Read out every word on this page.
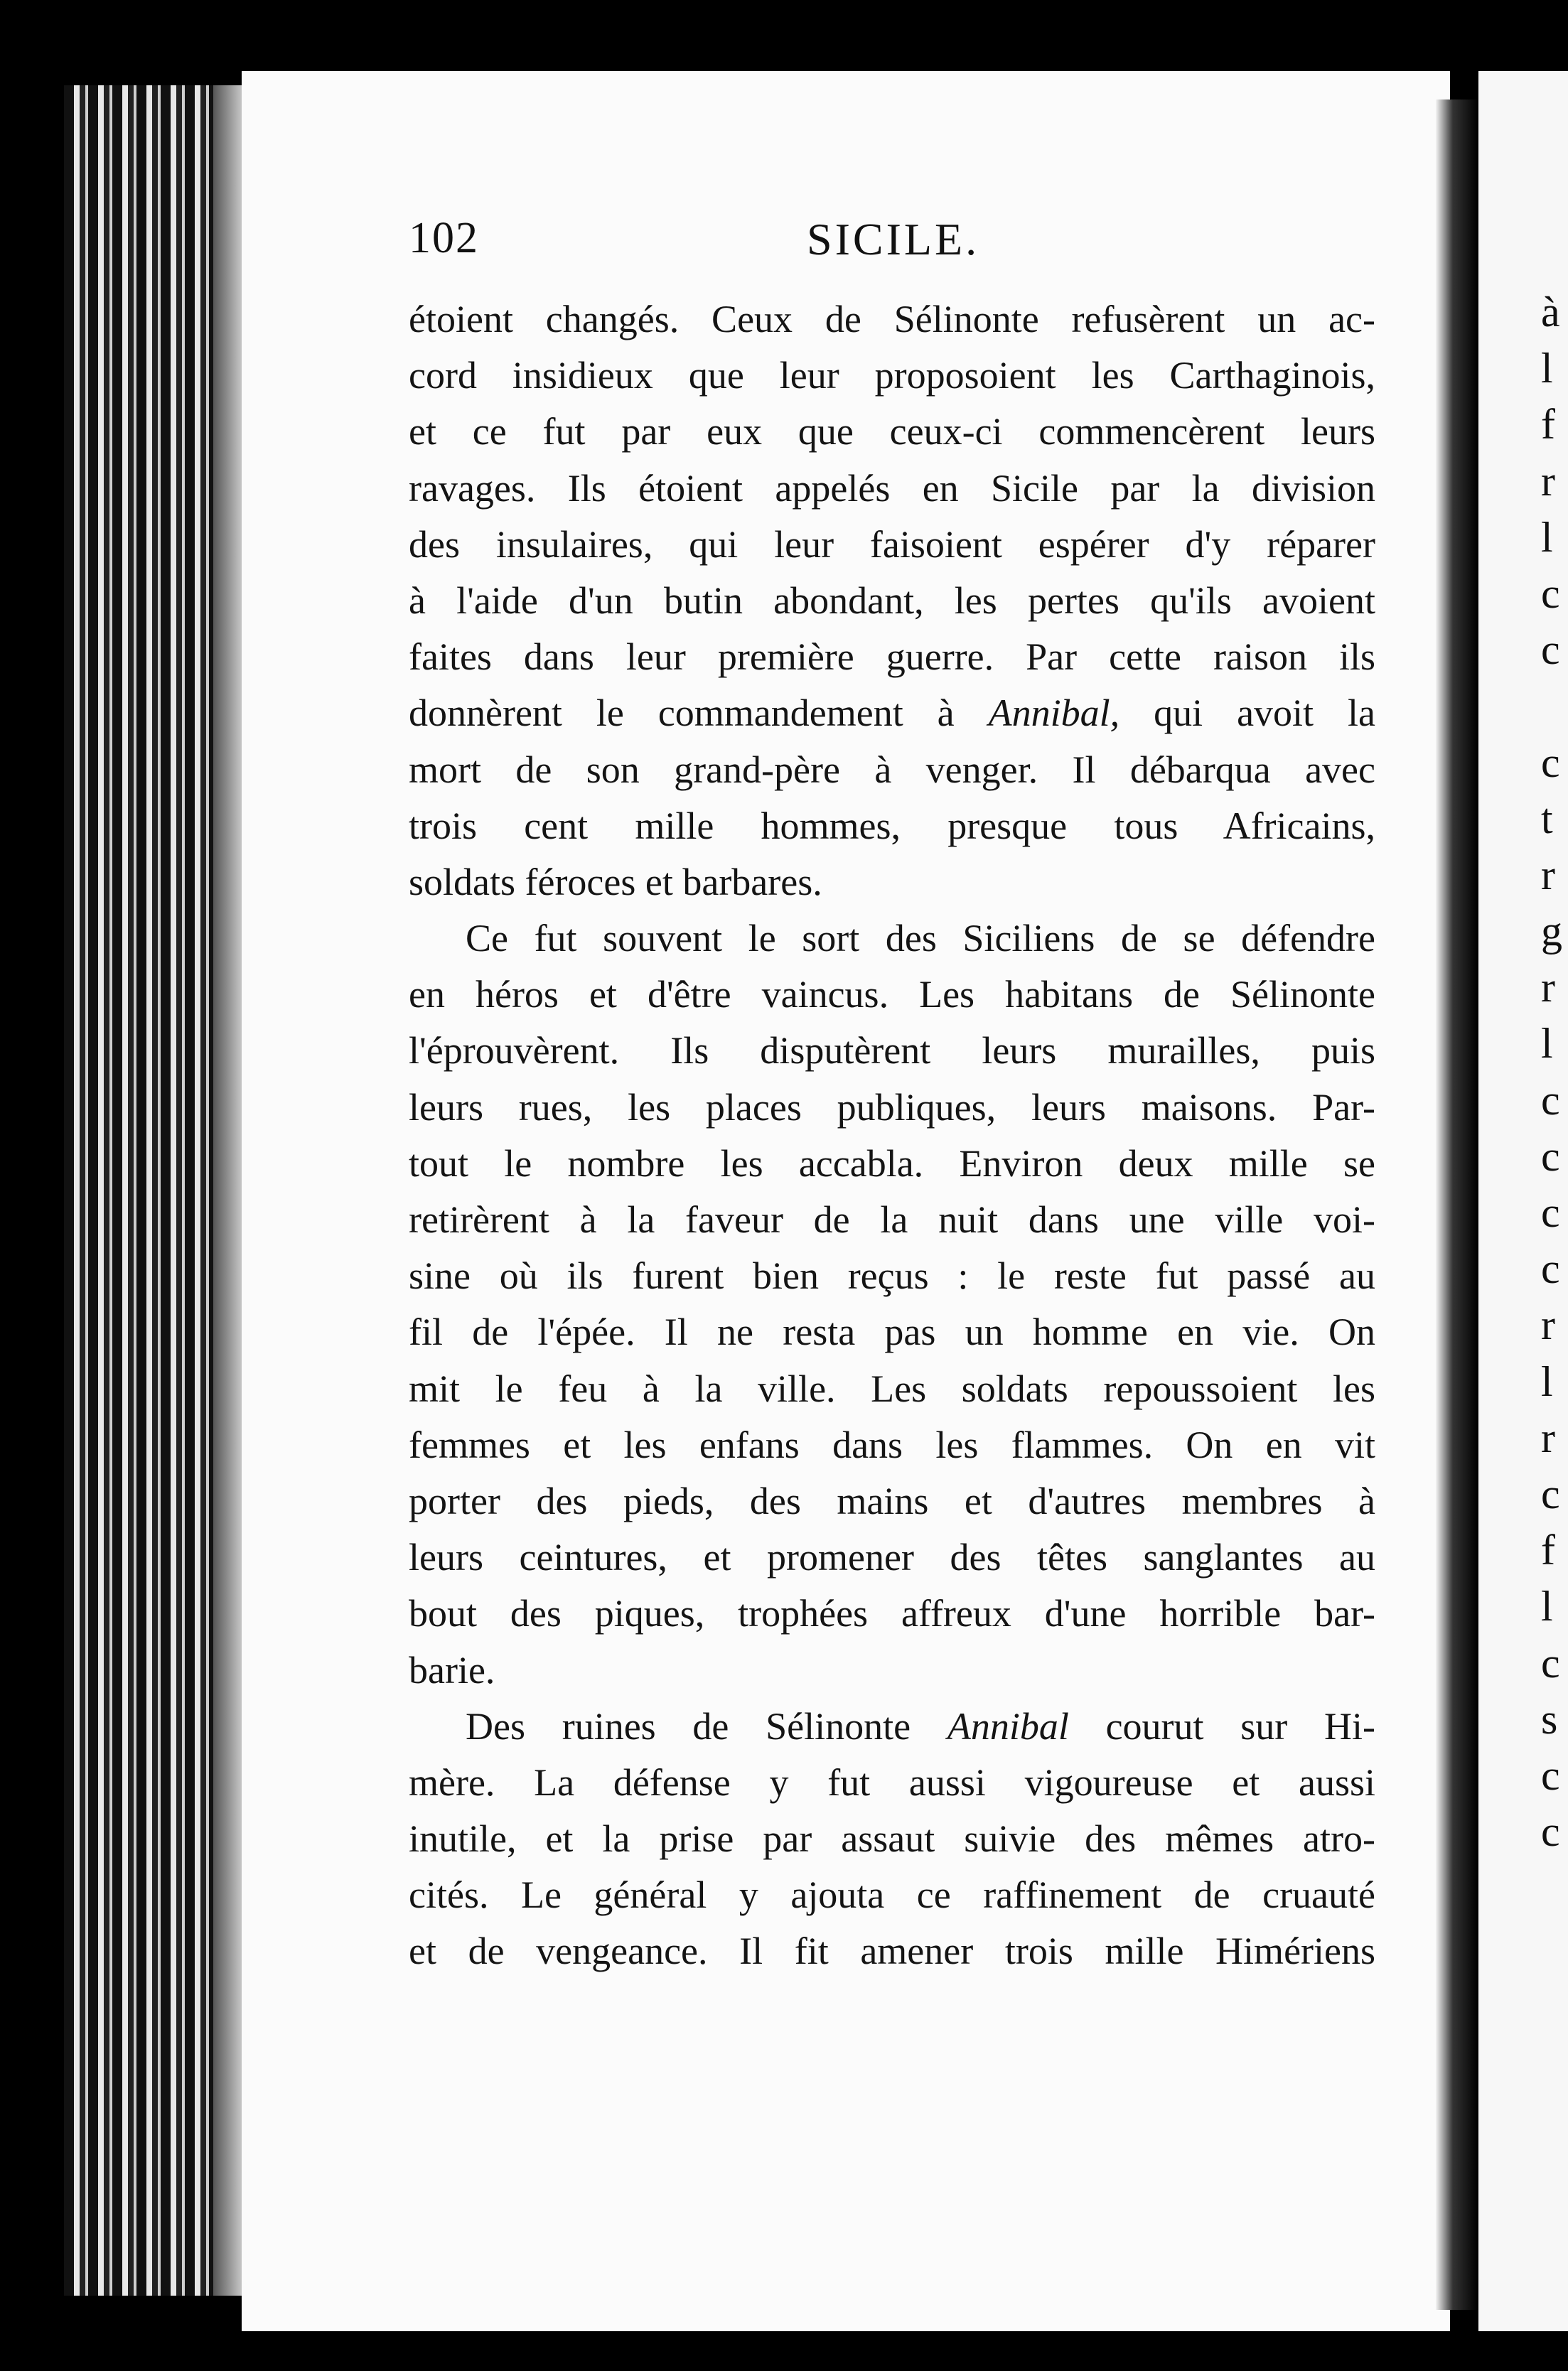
à
l
f
r
l
c
c
c
t
r
g
r
l
c
c
c
c
r
l
r
c
f
l
c
s
c
c
102	SICILE.
étoient changés. Ceux de Sélinonte refusèrent un ac-
cord insidieux que leur proposoient les Carthaginois,
et ce fut par eux que ceux-ci commencèrent leurs
ravages. Ils étoient appelés en Sicile par la division
des insulaires, qui leur faisoient espérer d'y réparer
à l'aide d'un butin abondant, les pertes qu'ils avoient
faites dans leur première guerre. Par cette raison ils
donnèrent le commandement à Annibal, qui avoit la
mort de son grand-père à venger. Il débarqua avec
trois cent mille hommes, presque tous Africains,
soldats féroces et barbares.
Ce fut souvent le sort des Siciliens de se défendre
en héros et d'être vaincus. Les habitans de Sélinonte
l'éprouvèrent. Ils disputèrent leurs murailles, puis
leurs rues, les places publiques, leurs maisons. Par-
tout le nombre les accabla. Environ deux mille se
retirèrent à la faveur de la nuit dans une ville voi-
sine où ils furent bien reçus : le reste fut passé au
fil de l'épée. Il ne resta pas un homme en vie. On
mit le feu à la ville. Les soldats repoussoient les
femmes et les enfans dans les flammes. On en vit
porter des pieds, des mains et d'autres membres à
leurs ceintures, et promener des têtes sanglantes au
bout des piques, trophées affreux d'une horrible bar-
barie.
Des ruines de Sélinonte Annibal courut sur Hi-
mère. La défense y fut aussi vigoureuse et aussi
inutile, et la prise par assaut suivie des mêmes atro-
cités. Le général y ajouta ce raffinement de cruauté
et de vengeance. Il fit amener trois mille Himériens
